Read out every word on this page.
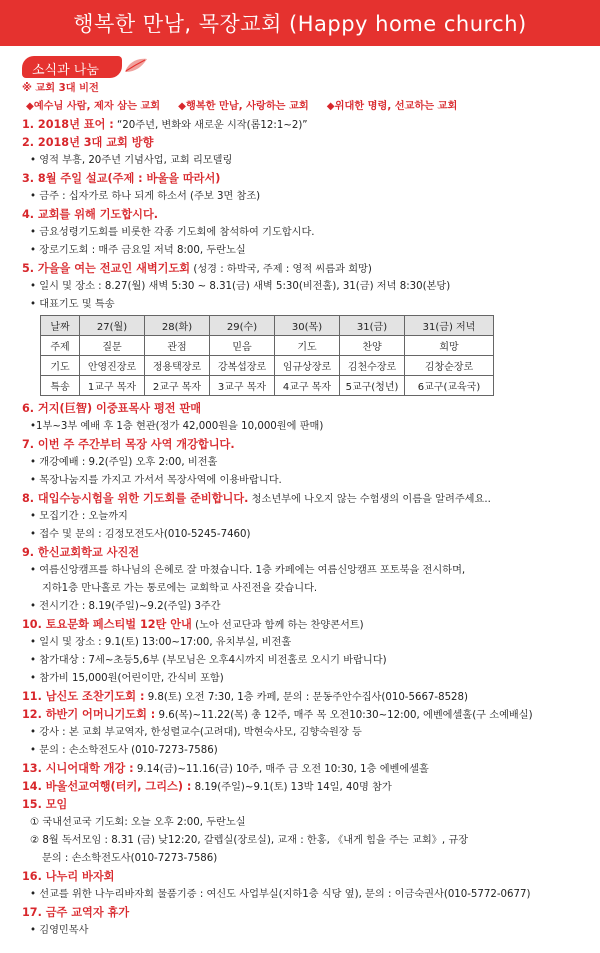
행복한 만남, 목장교회 (Happy home church)
소식과 나눔
※ 교회 3대 비전
◆예수님 사람, 제자 삼는 교회 ◆행복한 만남, 사랑하는 교회 ◆위대한 명령, 선교하는 교회
1. 2018년 표어 : “20주년, 변화와 새로운 시작(롬12:1~2)”
2. 2018년 3대 교회 방향
• 영적 부흥, 20주년 기념사업, 교회 리모델링
3. 8월 주일 설교(주제 : 바울을 따라서)
• 금주 : 십자가로 하나 되게 하소서 (주보 3면 참조)
4. 교회를 위해 기도합시다.
• 금요성령기도회를 비롯한 각종 기도회에 참석하여 기도합시다.
• 장로기도회 : 매주 금요일 저녁 8:00, 두란노실
5. 가을을 여는 전교인 새벽기도회 (성경 : 하박국, 주제 : 영적 씨름과 희망)
• 일시 및 장소 : 8.27(월) 새벽 5:30 ~ 8.31(금) 새벽 5:30(비전홀), 31(금) 저녁 8:30(본당)
• 대표기도 및 특송
날짜	27(월)	28(화)	29(수)	30(목)	31(금)	31(금) 저녁
주제	질문	관점	믿음	기도	찬양	희망
기도	안영진장로	정용택장로	강복섭장로	임규상장로	김천수장로	김창순장로
특송	1교구 목자	2교구 목자	3교구 목자	4교구 목자	5교구(청년)	6교구(교육국)
6. 거지(巨智) 이중표목사 평전 판매
•1부~3부 예배 후 1층 현관(정가 42,000원을 10,000원에 판매)
7. 이번 주 주간부터 목장 사역 개강합니다.
• 개강예배 : 9.2(주일) 오후 2:00, 비전홀
• 목장나눔지를 가지고 가서서 목장사역에 이용바랍니다.
8. 대입수능시험을 위한 기도회를 준비합니다. 청소년부에 나오지 않는 수험생의 이름을 알려주세요..
• 모집기간 : 오늘까지
• 접수 및 문의 : 김정모전도사(010-5245-7460)
9. 한신교회학교 사진전
• 여름신앙캠프를 하나님의 은혜로 잘 마쳤습니다. 1층 카페에는 여름신앙캠프 포토북을 전시하며,
지하1층 만나홀로 가는 통로에는 교회학교 사진전을 갖습니다.
• 전시기간 : 8.19(주일)~9.2(주일) 3주간
10. 토요문화 페스티벌 12탄 안내 (노아 선교단과 함께 하는 찬양콘서트)
• 일시 및 장소 : 9.1(토) 13:00~17:00, 유치부실, 비전홀
• 참가대상 : 7세~초등5,6부 (부모님은 오후4시까지 비전홀로 오시기 바랍니다)
• 참가비 15,000원(어린이만, 간식비 포함)
11. 남신도 조찬기도회 : 9.8(토) 오전 7:30, 1층 카페, 문의 : 문동주안수집사(010-5667-8528)
12. 하반기 어머니기도회 : 9.6(목)~11.22(목) 총 12주, 매주 목 오전10:30~12:00, 에벤에셀홀(구 소예배실)
• 강사 : 본 교회 부교역자, 한성렬교수(고려대), 박현숙사모, 김향숙원장 등
• 문의 : 손소학전도사 (010-7273-7586)
13. 시니어대학 개강 : 9.14(금)~11.16(금) 10주, 매주 금 오전 10:30, 1층 에벤에셀홀
14. 바울선교여행(터키, 그리스) : 8.19(주일)~9.1(토) 13박 14일, 40명 참가
15. 모임
① 국내선교국 기도회: 오늘 오후 2:00, 두란노실
② 8월 독서모임 : 8.31 (금) 낮12:20, 갈렙실(장로실), 교재 : 한홍, 《내게 힘을 주는 교회》, 규장
문의 : 손소학전도사(010-7273-7586)
16. 나누리 바자회
• 선교를 위한 나누리바자회 물품기증 : 여신도 사업부실(지하1층 식당 옆), 문의 : 이금숙권사(010-5772-0677)
17. 금주 교역자 휴가
• 김영민목사
